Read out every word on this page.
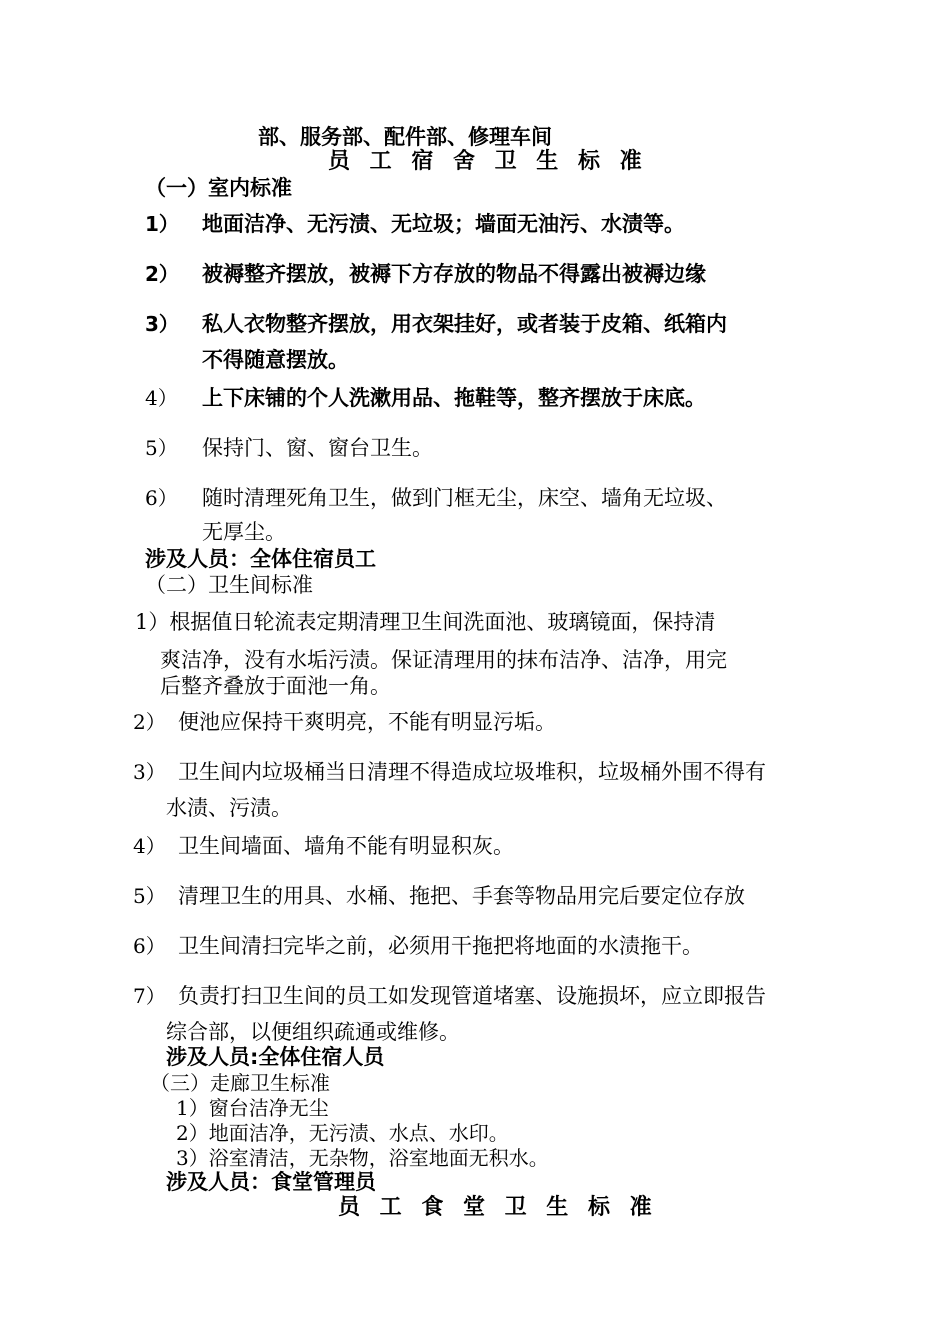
部、服务部、配件部、修理车间
员 工 宿 舍 卫 生 标 准
（一）室内标准
1） 地面洁净、无污渍、无垃圾；墙面无油污、水渍等。
2） 被褥整齐摆放，被褥下方存放的物品不得露出被褥边缘
3） 私人衣物整齐摆放，用衣架挂好，或者装于皮箱、纸箱内
不得随意摆放。
4） 上下床铺的个人洗漱用品、拖鞋等，整齐摆放于床底。
5） 保持门、窗、窗台卫生。
6） 随时清理死角卫生，做到门框无尘，床空、墙角无垃圾、
无厚尘。
涉及人员：全体住宿员工
（二）卫生间标准
1）根据值日轮流表定期清理卫生间洗面池、玻璃镜面，保持清
爽洁净，没有水垢污渍。保证清理用的抹布洁净、洁净，用完
后整齐叠放于面池一角。
2） 便池应保持干爽明亮，不能有明显污垢。
3） 卫生间内垃圾桶当日清理不得造成垃圾堆积，垃圾桶外围不得有
水渍、污渍。
4） 卫生间墙面、墙角不能有明显积灰。
5） 清理卫生的用具、水桶、拖把、手套等物品用完后要定位存放
6） 卫生间清扫完毕之前，必须用干拖把将地面的水渍拖干。
7） 负责打扫卫生间的员工如发现管道堵塞、设施损坏，应立即报告
综合部，以便组织疏通或维修。
涉及人员:全体住宿人员
（三）走廊卫生标准
1）窗台洁净无尘
2）地面洁净，无污渍、水点、水印。
3）浴室清洁，无杂物，浴室地面无积水。
涉及人员：食堂管理员
员 工 食 堂 卫 生 标 准
